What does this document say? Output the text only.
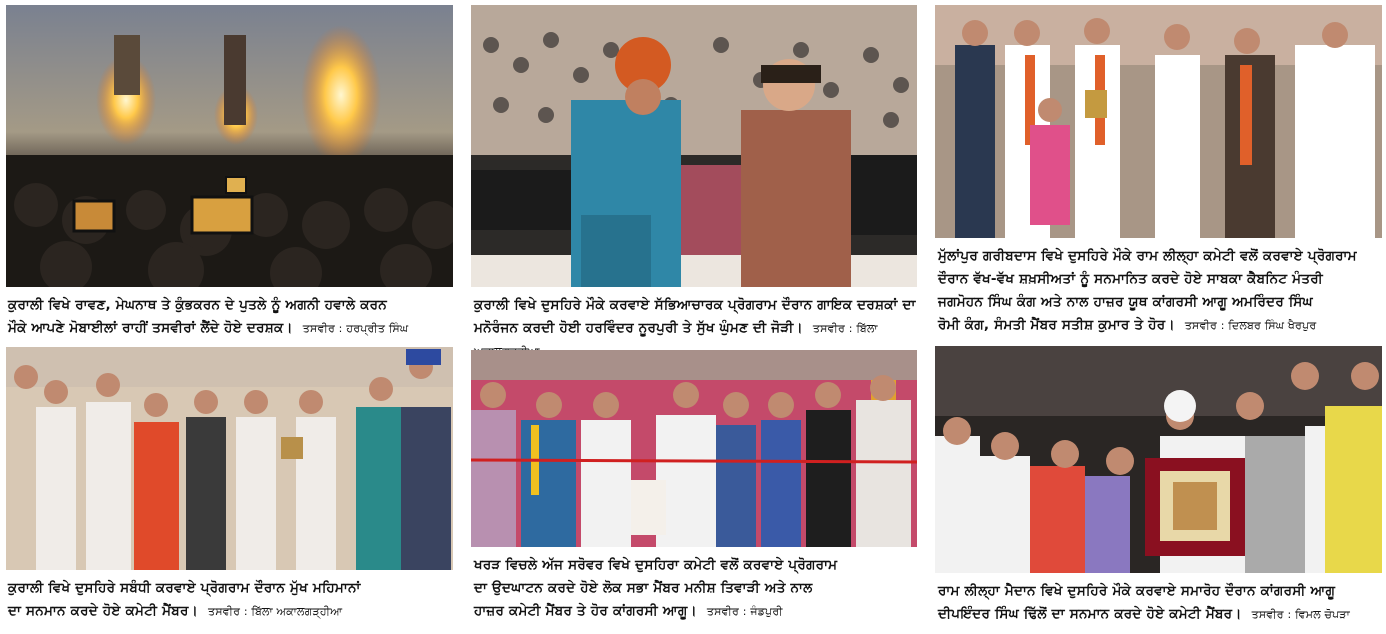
ਕੁਰਾਲੀ ਵਿਖੇ ਰਾਵਣ, ਮੇਘਨਾਥ ਤੇ ਕੁੰਭਕਰਨ ਦੇ ਪੁਤਲੇ ਨੂੰ ਅਗਨੀ ਹਵਾਲੇ ਕਰਨ
ਮੌਕੇ ਆਪਣੇ ਮੋਬਾਈਲਾਂ ਰਾਹੀਂ ਤਸਵੀਰਾਂ ਲੈਂਦੇ ਹੋਏ ਦਰਸ਼ਕ। ਤਸਵੀਰ : ਹਰਪ੍ਰੀਤ ਸਿੰਘ
ਕੁਰਾਲੀ ਵਿਖੇ ਦੁਸਹਿਰੇ ਮੌਕੇ ਕਰਵਾਏ ਸੱਭਿਆਚਾਰਕ ਪ੍ਰੋਗਰਾਮ ਦੌਰਾਨ ਗਾਇਕ ਦਰਸ਼ਕਾਂ ਦਾ
ਮਨੋਰੰਜਨ ਕਰਦੀ ਹੋਈ ਹਰਵਿੰਦਰ ਨੂਰਪੁਰੀ ਤੇ ਸੁੱਖ ਘੁੰਮਣ ਦੀ ਜੋੜੀ। ਤਸਵੀਰ : ਬਿੱਲਾ
ਮੁੱਲਾਂਪੁਰ ਗਰੀਬਦਾਸ ਵਿਖੇ ਦੁਸਹਿਰੇ ਮੌਕੇ ਰਾਮ ਲੀਲ੍ਹਾ ਕਮੇਟੀ ਵਲੋਂ ਕਰਵਾਏ ਪ੍ਰੋਗਰਾਮ
ਦੌਰਾਨ ਵੱਖ-ਵੱਖ ਸ਼ਖ਼ਸੀਅਤਾਂ ਨੂੰ ਸਨਮਾਨਿਤ ਕਰਦੇ ਹੋਏ ਸਾਬਕਾ ਕੈਬਨਿਟ ਮੰਤਰੀ
ਜਗਮੋਹਨ ਸਿੰਘ ਕੰਗ ਅਤੇ ਨਾਲ ਹਾਜ਼ਰ ਯੂਥ ਕਾਂਗਰਸੀ ਆਗੂ ਅਮਰਿੰਦਰ ਸਿੰਘ
ਰੋਮੀ ਕੰਗ, ਸੰਮਤੀ ਮੈਂਬਰ ਸਤੀਸ਼ ਕੁਮਾਰ ਤੇ ਹੋਰ। ਤਸਵੀਰ : ਦਿਲਬਰ ਸਿੰਘ ਖੈਰਪੁਰ
ਕੁਰਾਲੀ ਵਿਖੇ ਦੁਸਹਿਰੇ ਸਬੰਧੀ ਕਰਵਾਏ ਪ੍ਰੋਗਰਾਮ ਦੌਰਾਨ ਮੁੱਖ ਮਹਿਮਾਨਾਂ
ਦਾ ਸਨਮਾਨ ਕਰਦੇ ਹੋਏ ਕਮੇਟੀ ਮੈਂਬਰ। ਤਸਵੀਰ : ਬਿੱਲਾ ਅਕਾਲਗੜ੍ਹੀਆ
ਖਰੜ ਵਿਚਲੇ ਅੱਜ ਸਰੋਵਰ ਵਿਖੇ ਦੁਸਹਿਰਾ ਕਮੇਟੀ ਵਲੋਂ ਕਰਵਾਏ ਪ੍ਰੋਗਰਾਮ
ਦਾ ਉਦਘਾਟਨ ਕਰਦੇ ਹੋਏ ਲੋਕ ਸਭਾ ਮੈਂਬਰ ਮਨੀਸ਼ ਤਿਵਾੜੀ ਅਤੇ ਨਾਲ
ਹਾਜ਼ਰ ਕਮੇਟੀ ਮੈਂਬਰ ਤੇ ਹੋਰ ਕਾਂਗਰਸੀ ਆਗੂ। ਤਸਵੀਰ : ਜੰਡਪੁਰੀ
ਰਾਮ ਲੀਲ੍ਹਾ ਮੈਦਾਨ ਵਿਖੇ ਦੁਸਹਿਰੇ ਮੌਕੇ ਕਰਵਾਏ ਸਮਾਰੋਹ ਦੌਰਾਨ ਕਾਂਗਰਸੀ ਆਗੂ
ਦੀਪਇੰਦਰ ਸਿੰਘ ਢਿੱਲੋਂ ਦਾ ਸਨਮਾਨ ਕਰਦੇ ਹੋਏ ਕਮੇਟੀ ਮੈਂਬਰ। ਤਸਵੀਰ : ਵਿਮਲ ਚੋਪੜਾ
